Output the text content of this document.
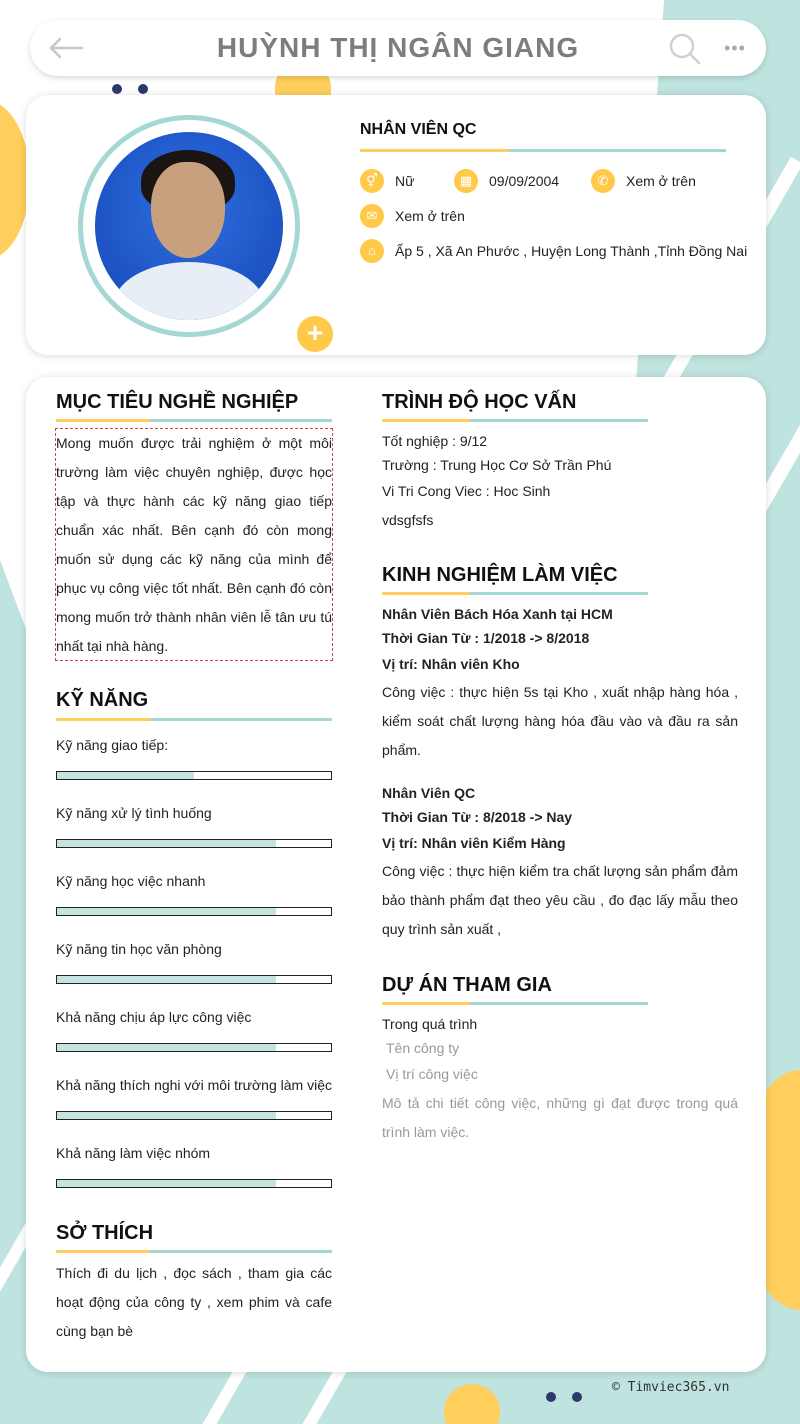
HUỲNH THỊ NGÂN GIANG	•••
+
NHÂN VIÊN QC
⚥	Nữ	▦	09/09/2004	✆	Xem ở trên
✉	Xem ở trên
⌂	Ấp 5 , Xã An Phước , Huyện Long Thành ,Tỉnh Đồng Nai
MỤC TIÊU NGHỀ NGHIỆP
Mong muốn được trải nghiệm ở một môi trường làm việc chuyên nghiệp, được học tập và thực hành các kỹ năng giao tiếp chuẩn xác nhất. Bên cạnh đó còn mong muốn sử dụng các kỹ năng của mình để phục vụ công việc tốt nhất. Bên cạnh đó còn mong muốn trở thành nhân viên lễ tân ưu tú nhất tại nhà hàng.
KỸ NĂNG
Kỹ năng giao tiếp:
Kỹ năng xử lý tình huống
Kỹ năng học việc nhanh
Kỹ năng tin học văn phòng
Khả năng chịu áp lực công việc
Khả năng thích nghi với môi trường làm việc
Khả năng làm việc nhóm
SỞ THÍCH
Thích đi du lịch , đọc sách , tham gia các hoạt động của công ty , xem phim và cafe cùng bạn bè
TRÌNH ĐỘ HỌC VẤN
Tốt nghiệp : 9/12
Trường : Trung Học Cơ Sở Trần Phú
Vi Tri Cong Viec : Hoc Sinh
vdsgfsfs
KINH NGHIỆM LÀM VIỆC
Nhân Viên Bách Hóa Xanh tại HCM
Thời Gian Từ : 1/2018 -> 8/2018
Vị trí: Nhân viên Kho
Công việc : thực hiện 5s tại Kho , xuất nhập hàng hóa , kiểm soát chất lượng hàng hóa đầu vào và đầu ra sản phẩm.
Nhân Viên QC
Thời Gian Từ : 8/2018 -> Nay
Vị trí: Nhân viên Kiểm Hàng
Công việc : thực hiện kiểm tra chất lượng sản phẩm đảm bảo thành phẩm đạt theo yêu cầu , đo đạc lấy mẫu theo quy trình sản xuất ,
DỰ ÁN THAM GIA
Trong quá trình
Tên công ty
Vị trí công việc
Mô tả chi tiết công việc, những gì đạt được trong quá trình làm việc.
© Timviec365.vn
